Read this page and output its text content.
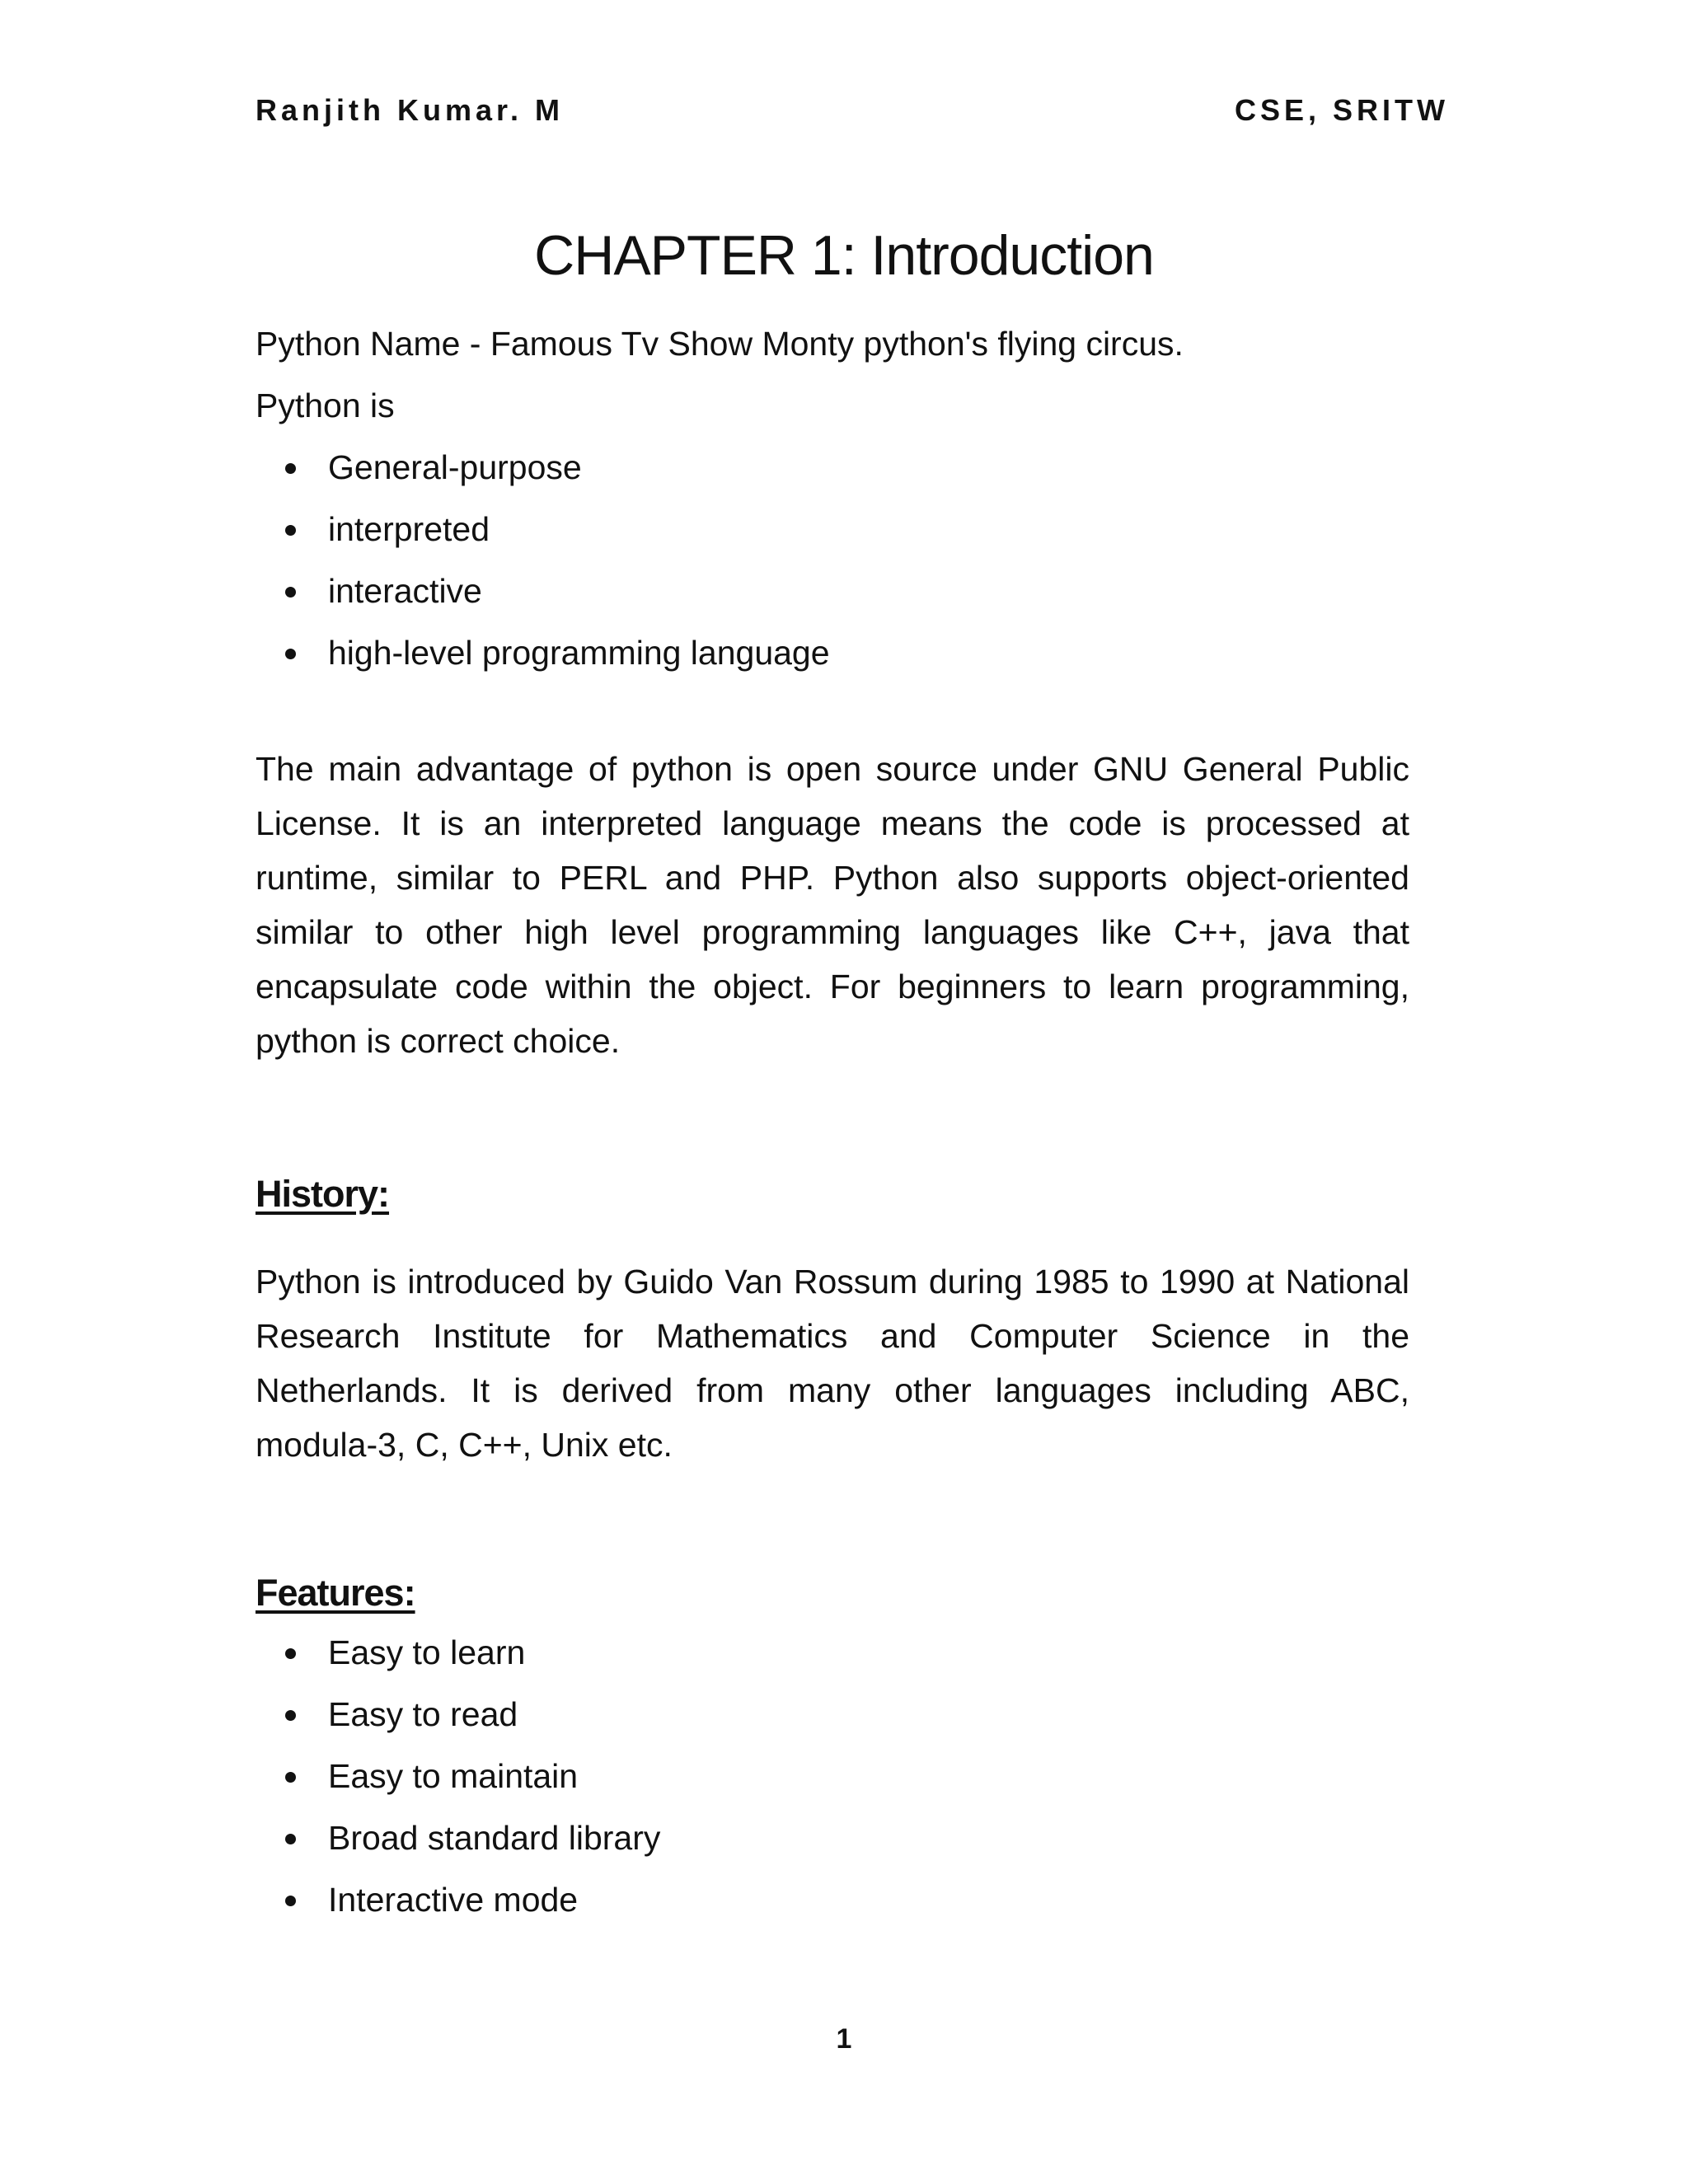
Ranjith Kumar. M	CSE, SRITW
CHAPTER 1: Introduction

Python Name - Famous Tv Show Monty python's flying circus.

Python is

General-purpose
interpreted
interactive
high-level programming language

The main advantage of python is open source under GNU General Public License. It is an interpreted language means the code is processed at runtime, similar to PERL and PHP. Python also supports object-oriented similar to other high level programming languages like C++, java that encapsulate code within the object. For beginners to learn programming, python is correct choice.

History:

Python is introduced by Guido Van Rossum during 1985 to 1990 at National Research Institute for Mathematics and Computer Science in the Netherlands. It is derived from many other languages including ABC, modula-3, C, C++, Unix etc.

Features:
Easy to learn
Easy to read
Easy to maintain
Broad standard library
Interactive mode
1
